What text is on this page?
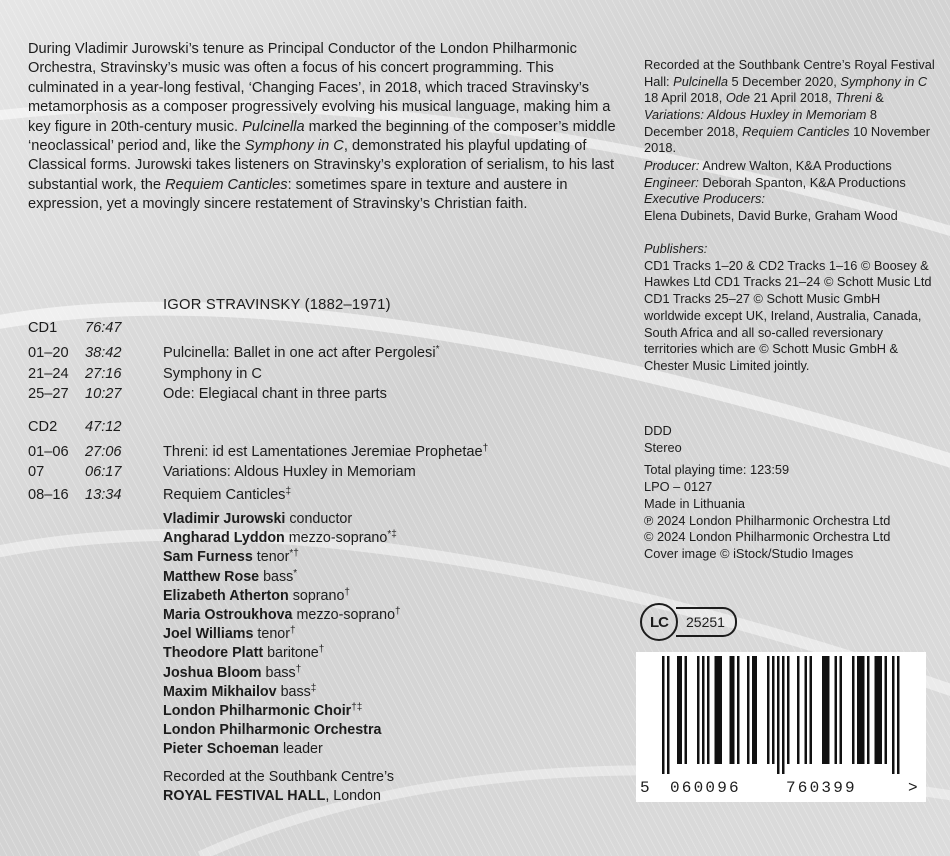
During Vladimir Jurowski’s tenure as Principal Conductor of the London Philharmonic Orchestra, Stravinsky’s music was often a focus of his concert programming. This culminated in a year-long festival, ‘Changing Faces’, in 2018, which traced Stravinsky’s metamorphosis as a composer progressively evolving his musical language, making him a key figure in 20th-century music. Pulcinella marked the beginning of the composer’s middle ‘neoclassical’ period and, like the Symphony in C, demonstrated his playful updating of Classical forms. Jurowski takes listeners on Stravinsky’s exploration of serialism, to his last substantial work, the Requiem Canticles: sometimes spare in texture and austere in expression, yet a movingly sincere restatement of Stravinsky’s Christian faith.

IGOR STRAVINSKY (1882–1971)
CD1 76:47
01–20 38:42	Pulcinella: Ballet in one act after Pergolesi*
21–24 27:16	Symphony in C
25–27 10:27	Ode: Elegiacal chant in three parts
CD2 47:12
01–06 27:06	Threni: id est Lamentationes Jeremiae Prophetae†
07	06:17	Variations: Aldous Huxley in Memoriam
08–16 13:34	Requiem Canticles‡
Vladimir Jurowski conductor
Angharad Lyddon mezzo-soprano*‡
Sam Furness tenor*†
Matthew Rose bass*
Elizabeth Atherton soprano†
Maria Ostroukhova mezzo-soprano†
Joel Williams tenor†
Theodore Platt baritone†
Joshua Bloom bass†
Maxim Mikhailov bass‡
London Philharmonic Choir†‡
London Philharmonic Orchestra
Pieter Schoeman leader
Recorded at the Southbank Centre’s
ROYAL FESTIVAL HALL, London

Recorded at the Southbank Centre’s Royal Festival Hall: Pulcinella 5 December 2020, Symphony in C 18 April 2018, Ode 21 April 2018, Threni & Variations: Aldous Huxley in Memoriam 8 December 2018, Requiem Canticles 10 November 2018.

Producer: Andrew Walton, K&A Productions

Engineer: Deborah Spanton, K&A Productions

Executive Producers:

Elena Dubinets, David Burke, Graham Wood

Publishers:

CD1 Tracks 1–20 & CD2 Tracks 1–16 © Boosey & Hawkes Ltd CD1 Tracks 21–24 © Schott Music Ltd CD1 Tracks 25–27 © Schott Music GmbH worldwide except UK, Ireland, Australia, Canada, South Africa and all so-called reversionary territories which are © Schott Music GmbH & Chester Music Limited jointly.

DDD

Stereo

Total playing time: 123:59

LPO – 0127

Made in Lithuania

℗ 2024 London Philharmonic Orchestra Ltd

© 2024 London Philharmonic Orchestra Ltd

Cover image © iStock/Studio Images

LC	25251
5 060096	760399	>
